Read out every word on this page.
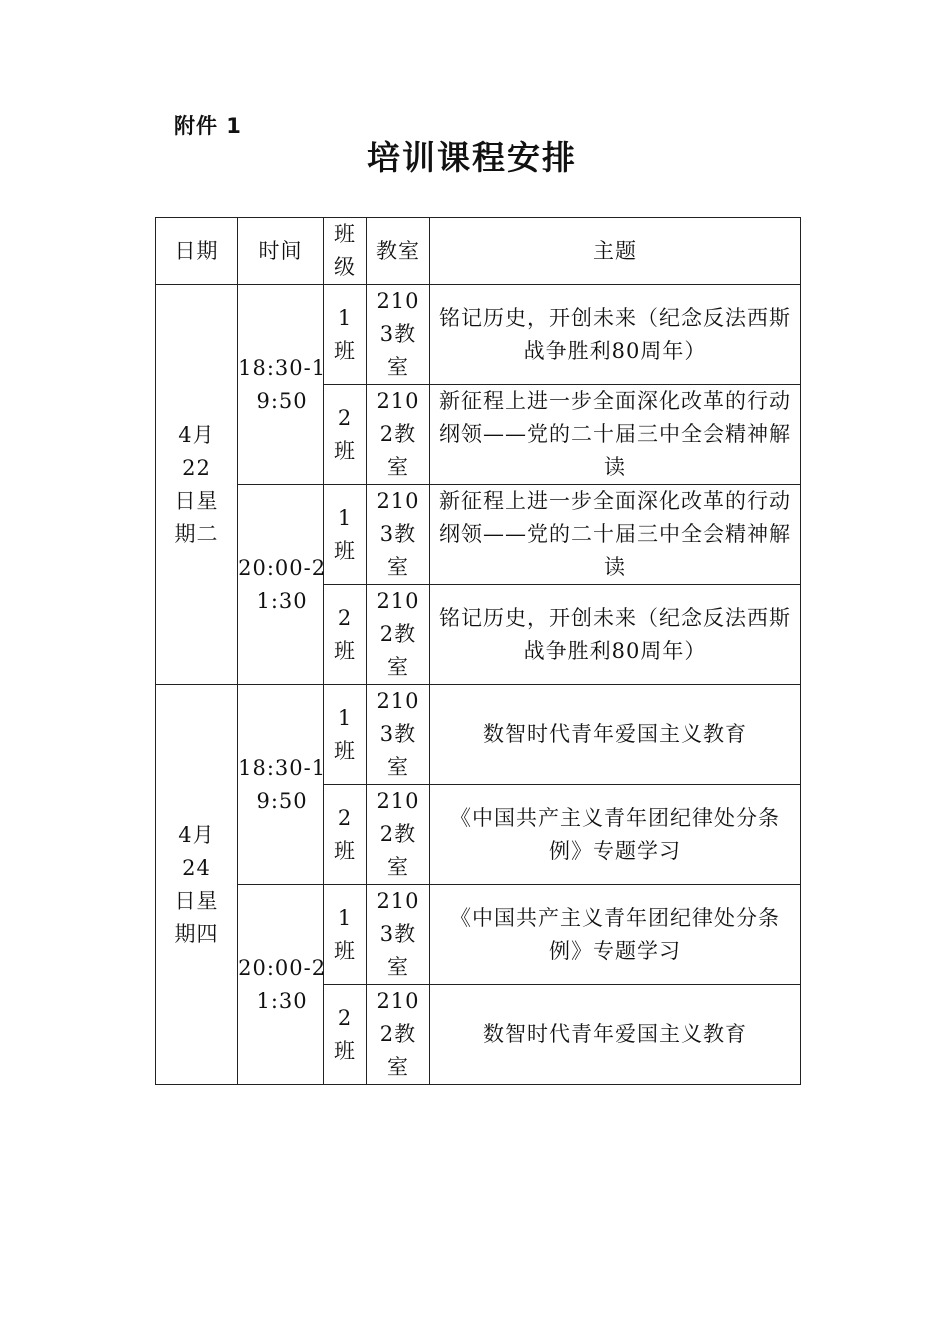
附件 1
培训课程安排
日期	时间	班级	教室	主题

4月22日星期二	18:30-19:50	1班	2103教室	铭记历史，开创未来（纪念反法西斯战争胜利80周年）

		2班	2102教室	新征程上进一步全面深化改革的行动纲领——党的二十届三中全会精神解读

	20:00-21:30	1班	2103教室	新征程上进一步全面深化改革的行动纲领——党的二十届三中全会精神解读

		2班	2102教室	铭记历史，开创未来（纪念反法西斯战争胜利80周年）

4月24日星期四	18:30-19:50	1班	2103教室	数智时代青年爱国主义教育

		2班	2102教室	《中国共产主义青年团纪律处分条例》专题学习

	20:00-21:30	1班	2103教室	《中国共产主义青年团纪律处分条例》专题学习

		2班	2102教室	数智时代青年爱国主义教育
